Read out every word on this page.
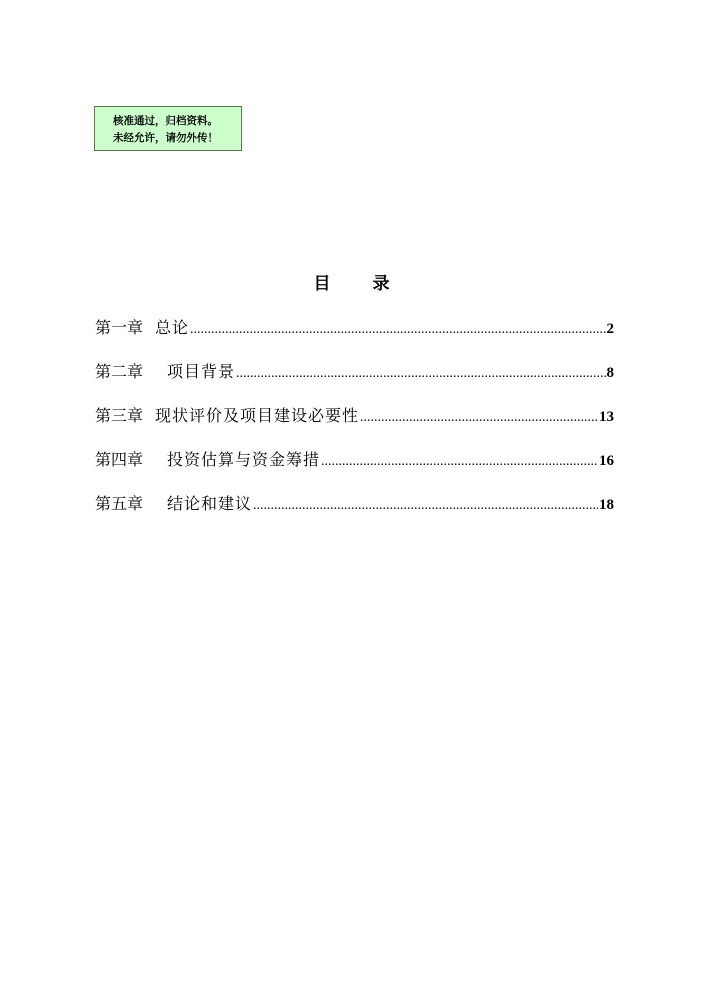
核准通过，归档资料。
未经允许，请勿外传！
目 录
第一章 总论 .....	2
第二章 项目背景 .....	8
第三章 现状评价及项目建设必要性 .....	13
第四章 投资估算与资金筹措 .....	16
第五章 结论和建议 .....	18
